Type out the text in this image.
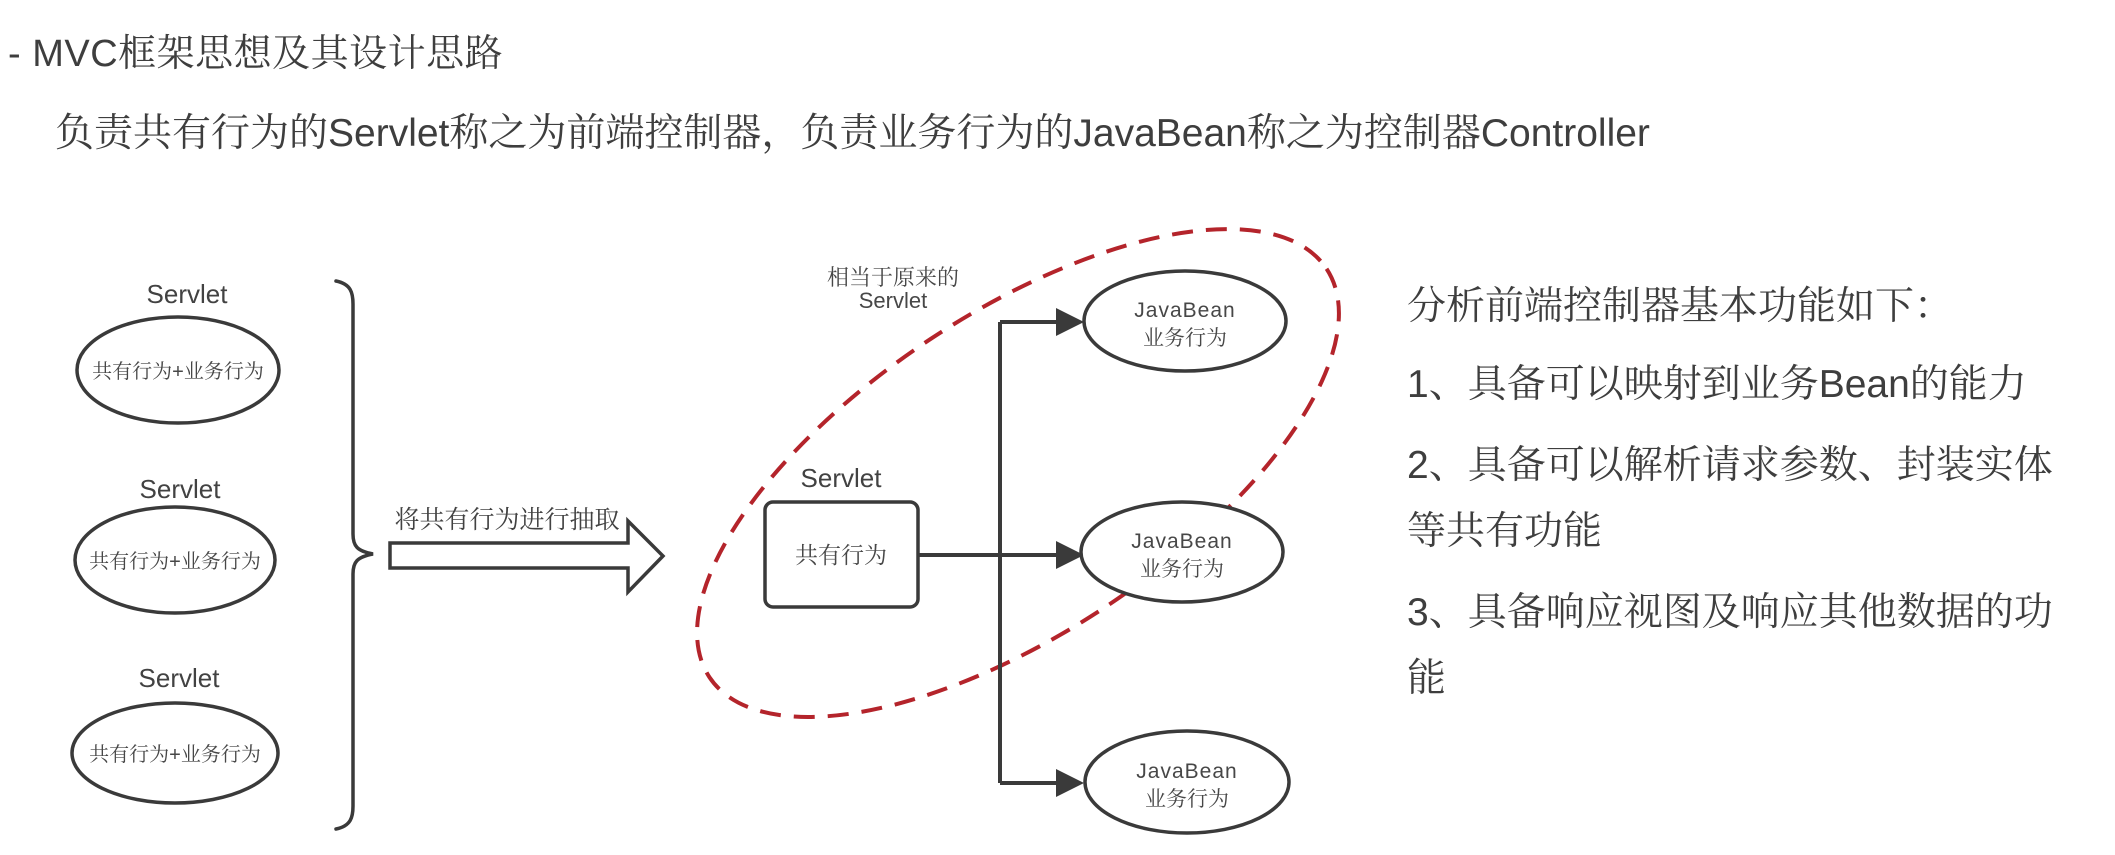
- MVC框架思想及其设计思路
负责共有行为的Servlet称之为前端控制器，负责业务行为的JavaBean称之为控制器Controller
Servlet
共有行为+业务行为
Servlet
共有行为+业务行为
Servlet
共有行为+业务行为
将共有行为进行抽取
相当于原来的
Servlet
Servlet
共有行为
JavaBean
业务行为
JavaBean
业务行为
JavaBean
业务行为

分析前端控制器基本功能如下：

1、具备可以映射到业务Bean的能力

2、具备可以解析请求参数、封装实体等共有功能

3、具备响应视图及响应其他数据的功能
